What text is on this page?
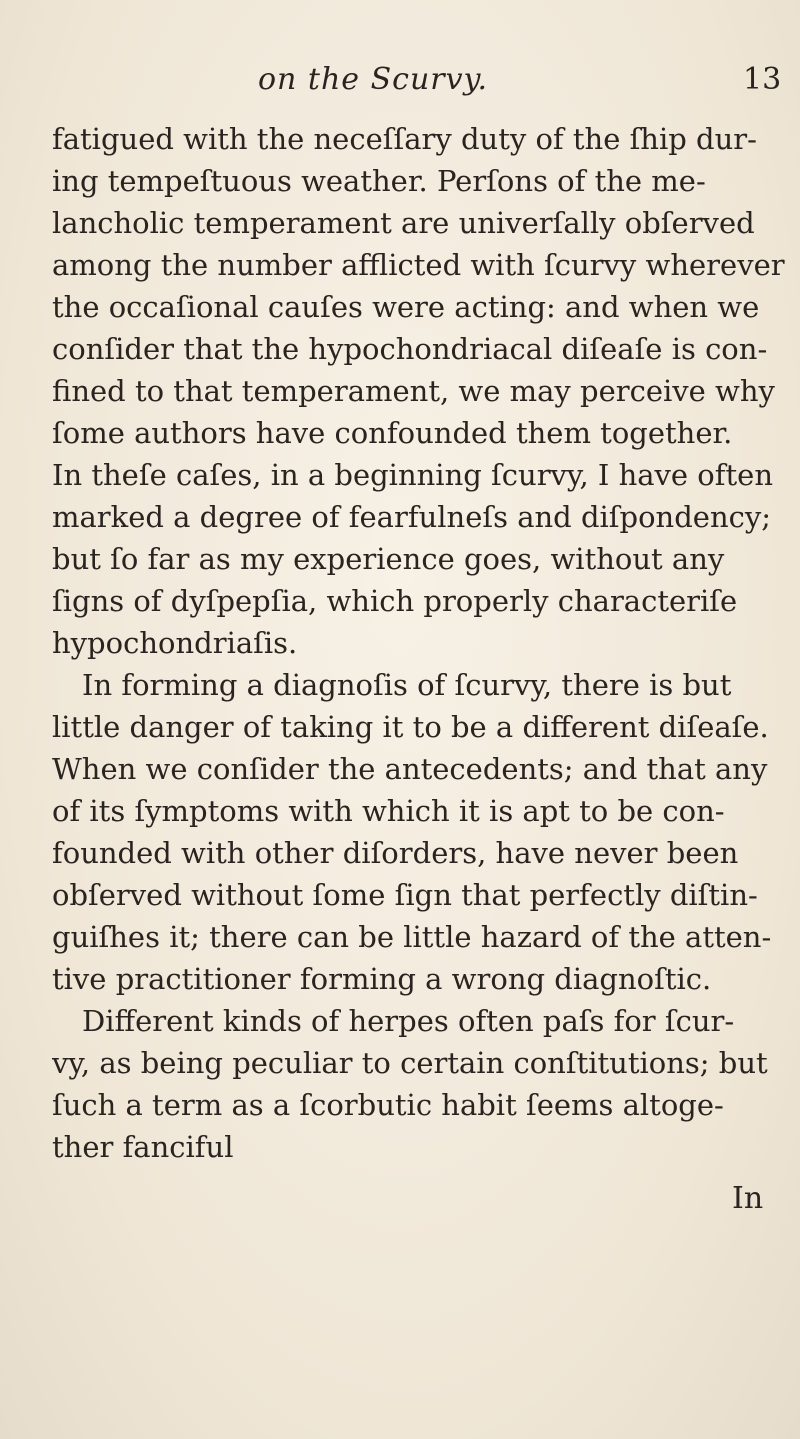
on the Scurvy.	13
fatigued with the neceſſary duty of the ſhip dur-
ing tempeſtuous weather. Perſons of the me-
lancholic temperament are univerſally obſerved
among the number afflicted with ſcurvy wherever
the occaſional cauſes were acting: and when we
conſider that the hypochondriacal diſeaſe is con-
fined to that temperament, we may perceive why
ſome authors have confounded them together.
In theſe caſes, in a beginning ſcurvy, I have often
marked a degree of fearfulneſs and diſpondency;
but ſo far as my experience goes, without any
ſigns of dyſpepſia, which properly characteriſe
hypochondriaſis.
In forming a diagnoſis of ſcurvy, there is but
little danger of taking it to be a different diſeaſe.
When we conſider the antecedents; and that any
of its ſymptoms with which it is apt to be con-
founded with other diſorders, have never been
obſerved without ſome ſign that perfectly diſtin-
guiſhes it; there can be little hazard of the atten-
tive practitioner forming a wrong diagnoſtic.
Different kinds of herpes often paſs for ſcur-
vy, as being peculiar to certain conſtitutions; but
ſuch a term as a ſcorbutic habit ſeems altoge-
ther fanciful
In
